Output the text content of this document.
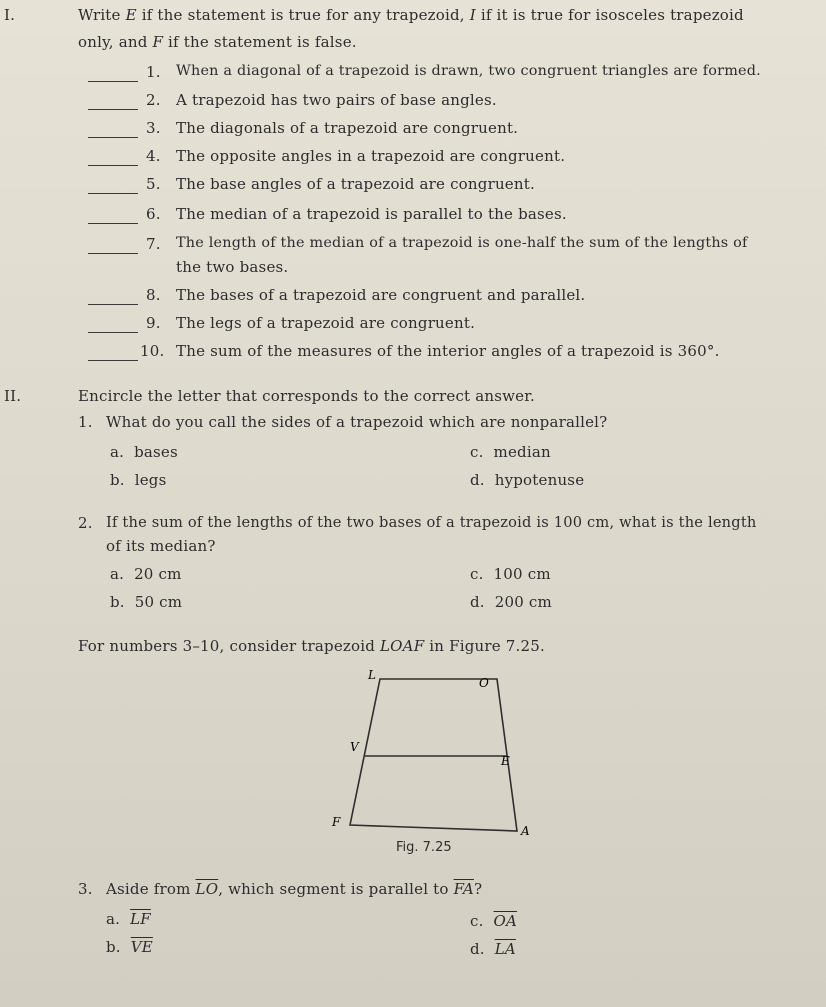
I.	Write E if the statement is true for any trapezoid, I if it is true for isosceles trapezoid
only, and F if the statement is false.
1. When a diagonal of a trapezoid is drawn, two congruent triangles are formed.
2. A trapezoid has two pairs of base angles.
3. The diagonals of a trapezoid are congruent.
4. The opposite angles in a trapezoid are congruent.
5. The base angles of a trapezoid are congruent.
6. The median of a trapezoid is parallel to the bases.
7. The length of the median of a trapezoid is one-half the sum of the lengths of
the two bases.
8. The bases of a trapezoid are congruent and parallel.
9. The legs of a trapezoid are congruent.
10. The sum of the measures of the interior angles of a trapezoid is 360°.
II.	Encircle the letter that corresponds to the correct answer.
1. What do you call the sides of a trapezoid which are nonparallel?
a. bases
b. legs
c. median
d. hypotenuse
2. If the sum of the lengths of the two bases of a trapezoid is 100 cm, what is the length
of its median?
a. 20 cm
b. 50 cm
c. 100 cm
d. 200 cm
For numbers 3–10, consider trapezoid LOAF in Figure 7.25.
L
O
V
E
F
A
Fig. 7.25
3. Aside from $\overline{LO}$, which segment is parallel to $\overline{FA}$?
a. $\overline{LF}$
b. $\overline{VE}$
c. $\overline{OA}$
d. $\overline{LA}$
